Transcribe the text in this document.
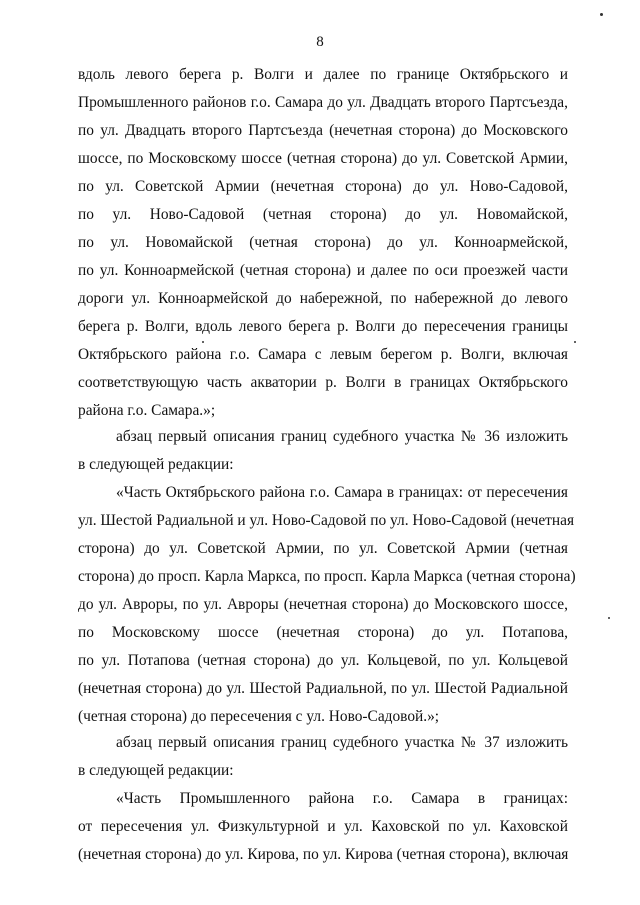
8
вдоль левого берега р. Волги и далее по границе Октябрьского и
Промышленного районов г.о. Самара до ул. Двадцать второго Партсъезда,
по ул. Двадцать второго Партсъезда (нечетная сторона) до Московского
шоссе, по Московскому шоссе (четная сторона) до ул. Советской Армии,
по ул. Советской Армии (нечетная сторона) до ул. Ново-Садовой,
по ул. Ново-Садовой (четная сторона) до ул. Новомайской,
по ул. Новомайской (четная сторона) до ул. Конноармейской,
по ул. Конноармейской (четная сторона) и далее по оси проезжей части
дороги ул. Конноармейской до набережной, по набережной до левого
берега р. Волги, вдоль левого берега р. Волги до пересечения границы
Октябрьского района г.о. Самара с левым берегом р. Волги, включая
соответствующую часть акватории р. Волги в границах Октябрьского
района г.о. Самара.»;
абзац первый описания границ судебного участка № 36 изложить
в следующей редакции:
«Часть Октябрьского района г.о. Самара в границах: от пересечения
ул. Шестой Радиальной и ул. Ново-Садовой по ул. Ново-Садовой (нечетная
сторона) до ул. Советской Армии, по ул. Советской Армии (четная
сторона) до просп. Карла Маркса, по просп. Карла Маркса (четная сторона)
до ул. Авроры, по ул. Авроры (нечетная сторона) до Московского шоссе,
по Московскому шоссе (нечетная сторона) до ул. Потапова,
по ул. Потапова (четная сторона) до ул. Кольцевой, по ул. Кольцевой
(нечетная сторона) до ул. Шестой Радиальной, по ул. Шестой Радиальной
(четная сторона) до пересечения с ул. Ново-Садовой.»;
абзац первый описания границ судебного участка № 37 изложить
в следующей редакции:
«Часть Промышленного района г.о. Самара в границах:
от пересечения ул. Физкультурной и ул. Каховской по ул. Каховской
(нечетная сторона) до ул. Кирова, по ул. Кирова (четная сторона), включая
